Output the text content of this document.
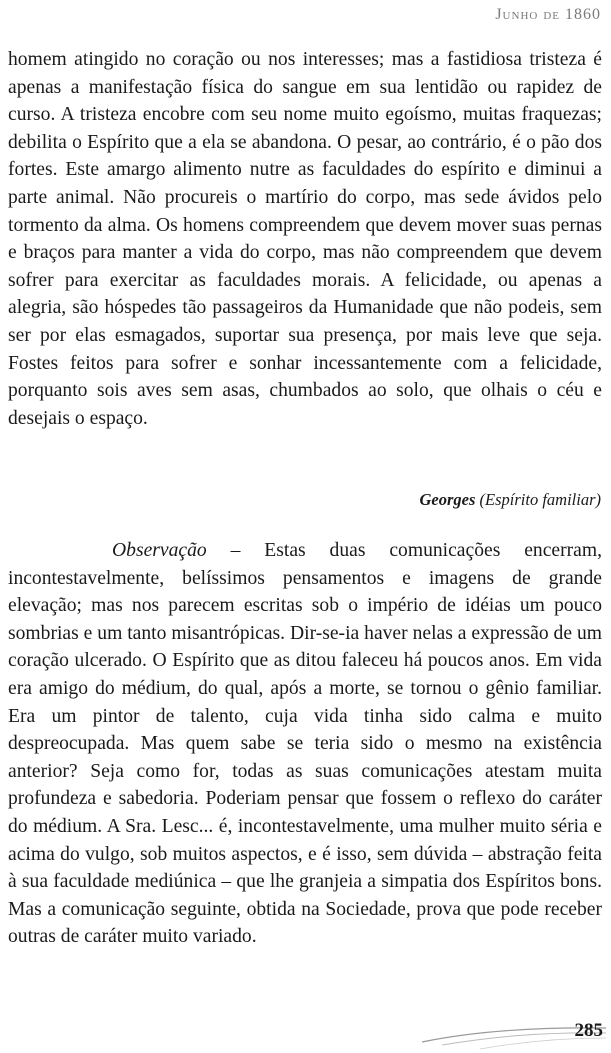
Junho de 1860

homem atingido no coração ou nos interesses; mas a fastidiosa tristeza é apenas a manifestação física do sangue em sua lentidão ou rapidez de curso. A tristeza encobre com seu nome muito egoísmo, muitas fraquezas; debilita o Espírito que a ela se abandona. O pesar, ao contrário, é o pão dos fortes. Este amargo alimento nutre as faculdades do espírito e diminui a parte animal. Não procureis o martírio do corpo, mas sede ávidos pelo tormento da alma. Os homens compreendem que devem mover suas pernas e braços para manter a vida do corpo, mas não compreendem que devem sofrer para exercitar as faculdades morais. A felicidade, ou apenas a alegria, são hóspedes tão passageiros da Humanidade que não podeis, sem ser por elas esmagados, suportar sua presença, por mais leve que seja. Fostes feitos para sofrer e sonhar incessantemente com a felicidade, porquanto sois aves sem asas, chumbados ao solo, que olhais o céu e desejais o espaço.

Georges (Espírito familiar)

Observação – Estas duas comunicações encerram, incontestavelmente, belíssimos pensamentos e imagens de grande elevação; mas nos parecem escritas sob o império de idéias um pouco sombrias e um tanto misantrópicas. Dir-se-ia haver nelas a expressão de um coração ulcerado. O Espírito que as ditou faleceu há poucos anos. Em vida era amigo do médium, do qual, após a morte, se tornou o gênio familiar. Era um pintor de talento, cuja vida tinha sido calma e muito despreocupada. Mas quem sabe se teria sido o mesmo na existência anterior? Seja como for, todas as suas comunicações atestam muita profundeza e sabedoria. Poderiam pensar que fossem o reflexo do caráter do médium. A Sra. Lesc... é, incontestavelmente, uma mulher muito séria e acima do vulgo, sob muitos aspectos, e é isso, sem dúvida – abstração feita à sua faculdade mediúnica – que lhe granjeia a simpatia dos Espíritos bons. Mas a comunicação seguinte, obtida na Sociedade, prova que pode receber outras de caráter muito variado.

285
